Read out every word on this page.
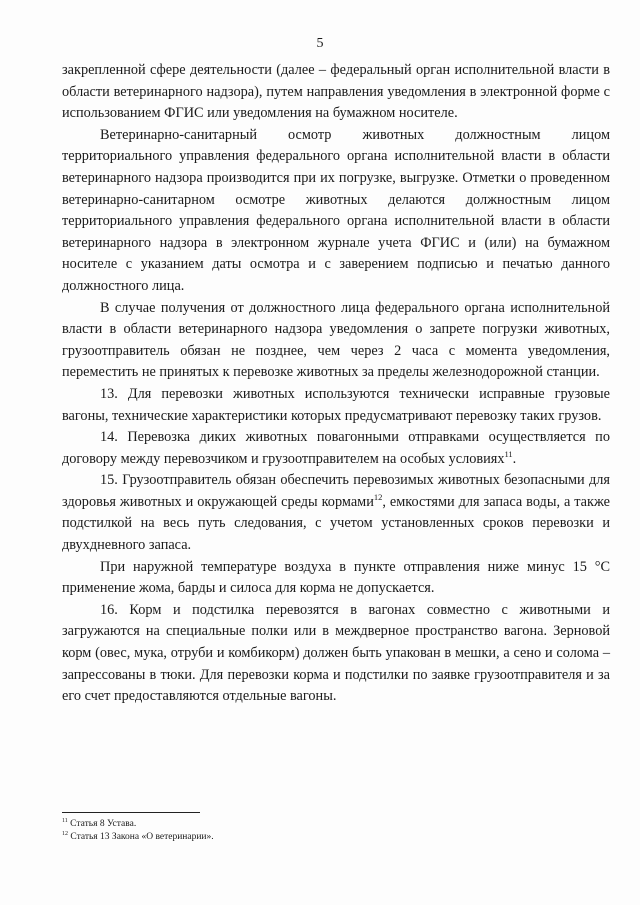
5

закрепленной сфере деятельности (далее – федеральный орган исполнительной власти в области ветеринарного надзора), путем направления уведомления в электронной форме с использованием ФГИС или уведомления на бумажном носителе.

Ветеринарно-санитарный осмотр животных должностным лицом территориального управления федерального органа исполнительной власти в области ветеринарного надзора производится при их погрузке, выгрузке. Отметки о проведенном ветеринарно-санитарном осмотре животных делаются должностным лицом территориального управления федерального органа исполнительной власти в области ветеринарного надзора в электронном журнале учета ФГИС и (или) на бумажном носителе с указанием даты осмотра и с заверением подписью и печатью данного должностного лица.

В случае получения от должностного лица федерального органа исполнительной власти в области ветеринарного надзора уведомления о запрете погрузки животных, грузоотправитель обязан не позднее, чем через 2 часа с момента уведомления, переместить не принятых к перевозке животных за пределы железнодорожной станции.

13. Для перевозки животных используются технически исправные грузовые вагоны, технические характеристики которых предусматривают перевозку таких грузов.

14. Перевозка диких животных повагонными отправками осуществляется по договору между перевозчиком и грузоотправителем на особых условиях$^{11}$.

15. Грузоотправитель обязан обеспечить перевозимых животных безопасными для здоровья животных и окружающей среды кормами$^{12}$, емкостями для запаса воды, а также подстилкой на весь путь следования, с учетом установленных сроков перевозки и двухдневного запаса.

При наружной температуре воздуха в пункте отправления ниже минус 15 °С применение жома, барды и силоса для корма не допускается.

16. Корм и подстилка перевозятся в вагонах совместно с животными и загружаются на специальные полки или в междверное пространство вагона. Зерновой корм (овес, мука, отруби и комбикорм) должен быть упакован в мешки, а сено и солома – запрессованы в тюки. Для перевозки корма и подстилки по заявке грузоотправителя и за его счет предоставляются отдельные вагоны.

$^{11}$ Статья 8 Устава.
$^{12}$ Статья 13 Закона «О ветеринарии».
